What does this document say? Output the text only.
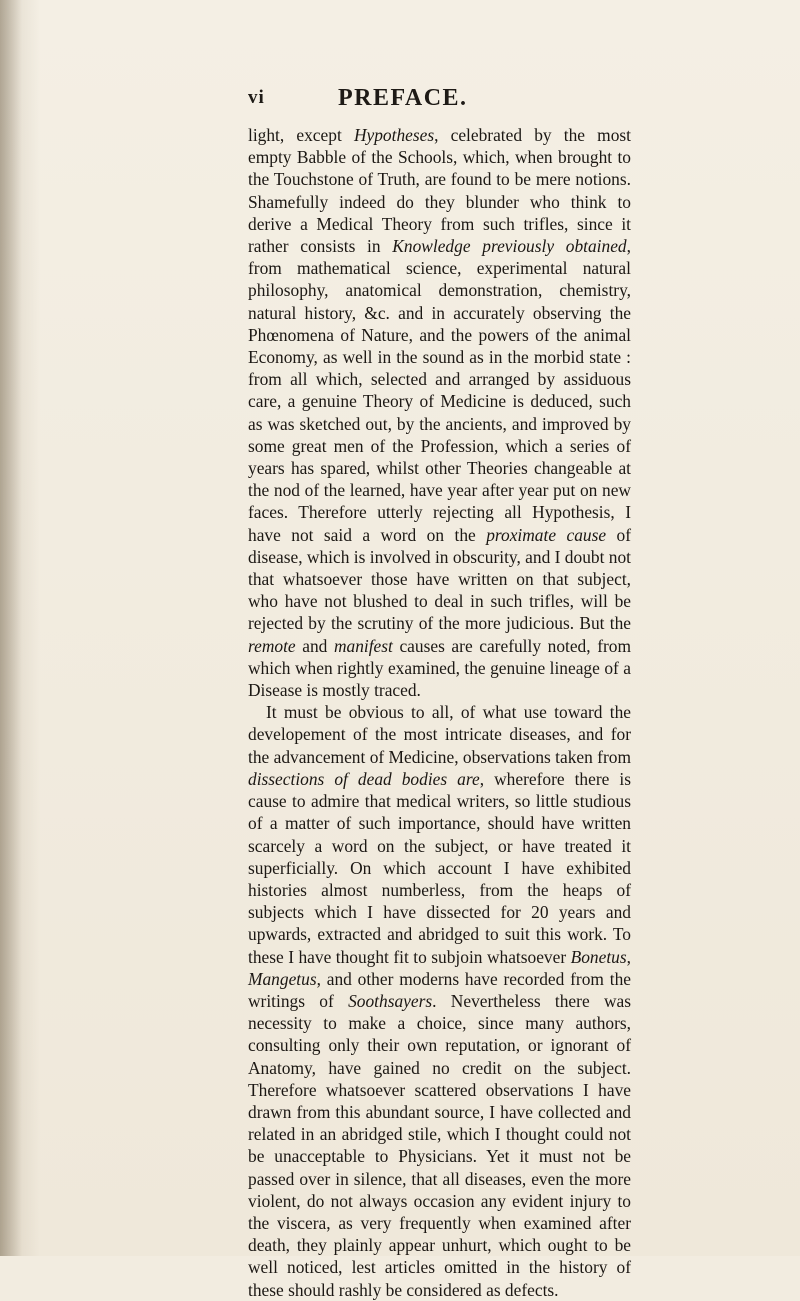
vi	PREFACE.

light, except Hypotheses, celebrated by the most empty Babble of the Schools, which, when brought to the Touchstone of Truth, are found to be mere notions. Shamefully indeed do they blunder who think to derive a Medical Theory from such trifles, since it rather consists in Knowledge previously obtained, from mathematical science, experimental natural philosophy, anatomical demonstration, chemistry, natural history, &c. and in accurately observing the Phœnomena of Nature, and the powers of the animal Economy, as well in the sound as in the morbid state : from all which, selected and arranged by assiduous care, a genuine Theory of Medicine is deduced, such as was sketched out, by the ancients, and improved by some great men of the Profession, which a series of years has spared, whilst other Theories changeable at the nod of the learned, have year after year put on new faces. Therefore utterly rejecting all Hypothesis, I have not said a word on the proximate cause of disease, which is involved in obscurity, and I doubt not that whatsoever those have written on that subject, who have not blushed to deal in such trifles, will be rejected by the scrutiny of the more judicious. But the remote and manifest causes are carefully noted, from which when rightly examined, the genuine lineage of a Disease is mostly traced.

It must be obvious to all, of what use toward the developement of the most intricate diseases, and for the advancement of Medicine, observations taken from dissections of dead bodies are, wherefore there is cause to admire that medical writers, so little studious of a matter of such importance, should have written scarcely a word on the subject, or have treated it superficially. On which account I have exhibited histories almost numberless, from the heaps of subjects which I have dissected for 20 years and upwards, extracted and abridged to suit this work. To these I have thought fit to subjoin whatsoever Bonetus, Mangetus, and other moderns have recorded from the writings of Soothsayers. Nevertheless there was necessity to make a choice, since many authors, consulting only their own reputation, or ignorant of Anatomy, have gained no credit on the subject. Therefore whatsoever scattered observations I have drawn from this abundant source, I have collected and related in an abridged stile, which I thought could not be unacceptable to Physicians. Yet it must not be passed over in silence, that all diseases, even the more violent, do not always occasion any evident injury to the viscera, as very frequently when examined after death, they plainly appear unhurt, which ought to be well noticed, lest articles omitted in the history of these should rashly be considered as defects.
